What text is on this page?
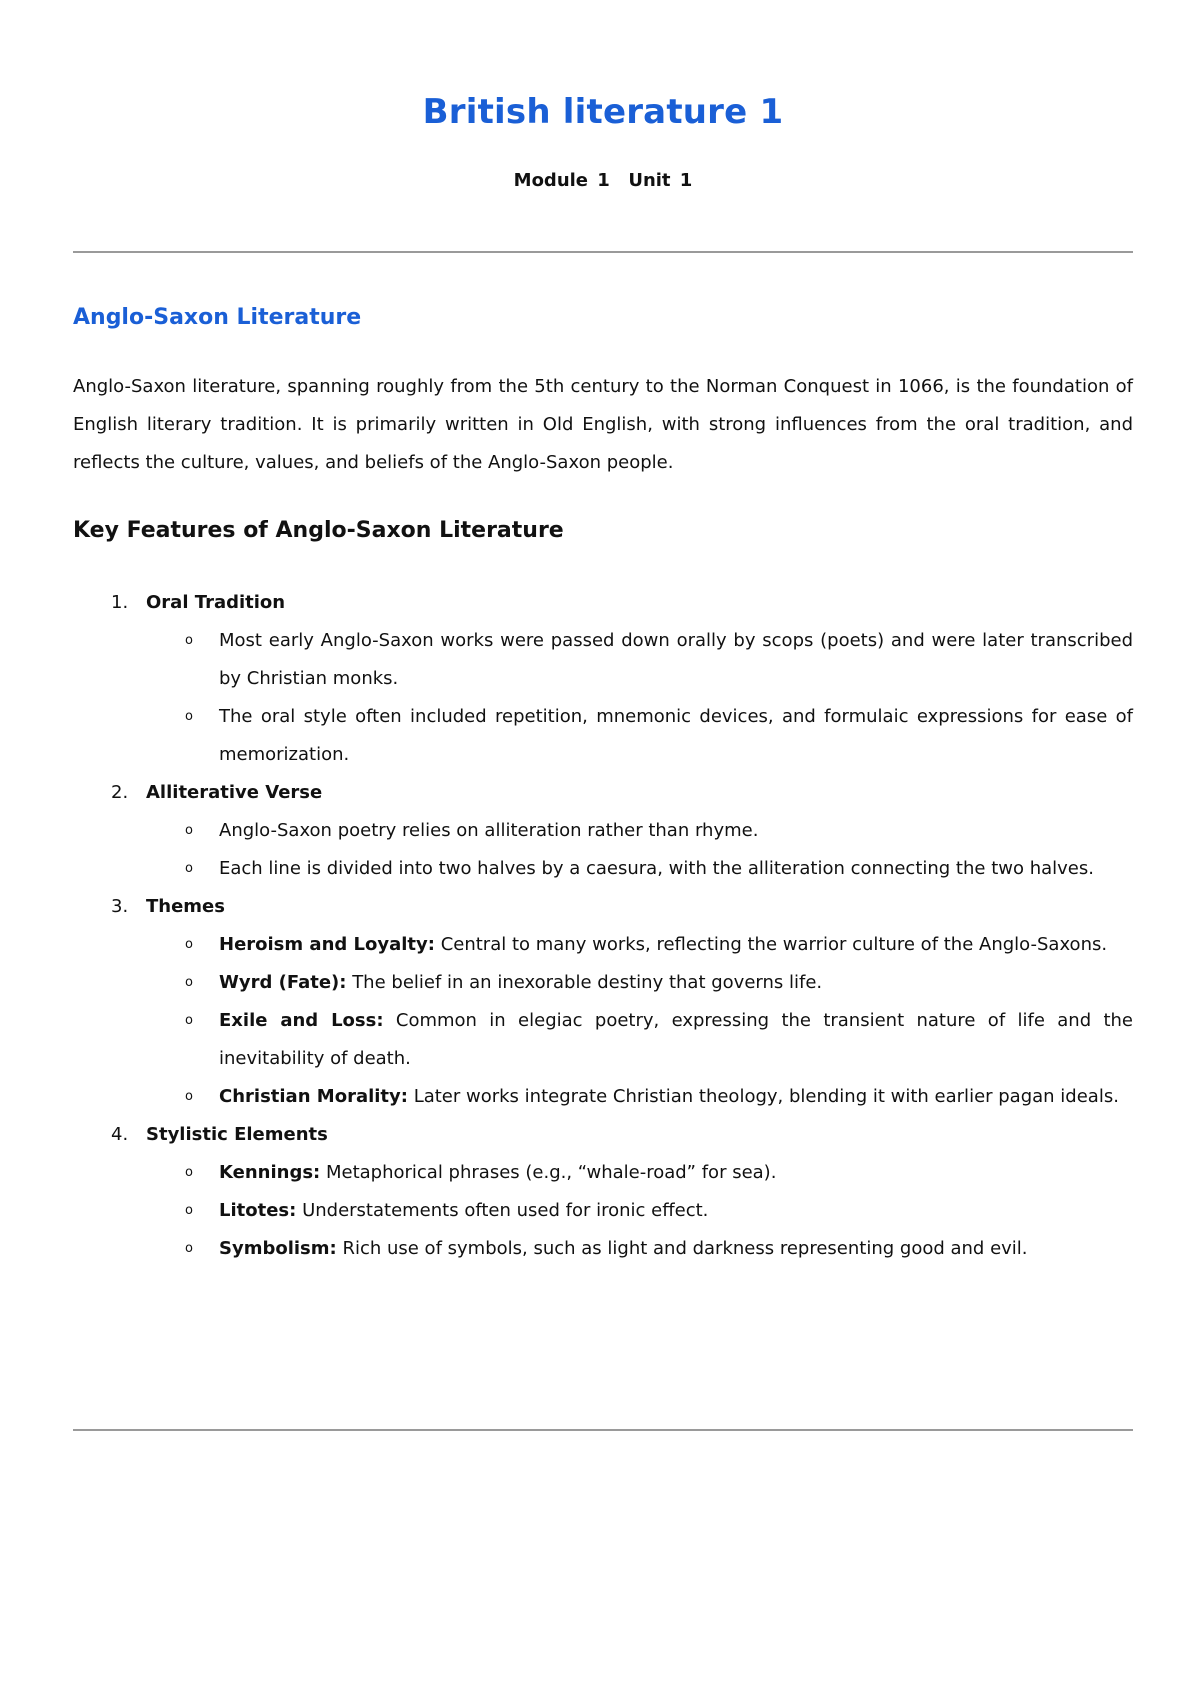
British literature 1
Module 1  Unit 1
Anglo-Saxon Literature

Anglo-Saxon literature, spanning roughly from the 5th century to the Norman Conquest in 1066, is the foundation of English literary tradition. It is primarily written in Old English, with strong influences from the oral tradition, and reflects the culture, values, and beliefs of the Anglo-Saxon people.

Key Features of Anglo-Saxon Literature
1. Oral Tradition
o Most early Anglo-Saxon works were passed down orally by scops (poets) and were later transcribed by Christian monks.
o The oral style often included repetition, mnemonic devices, and formulaic expressions for ease of memorization.
2. Alliterative Verse
o Anglo-Saxon poetry relies on alliteration rather than rhyme.
o Each line is divided into two halves by a caesura, with the alliteration connecting the two halves.
3. Themes
o Heroism and Loyalty: Central to many works, reflecting the warrior culture of the Anglo-Saxons.
o Wyrd (Fate): The belief in an inexorable destiny that governs life.
o Exile and Loss: Common in elegiac poetry, expressing the transient nature of life and the inevitability of death.
o Christian Morality: Later works integrate Christian theology, blending it with earlier pagan ideals.
4. Stylistic Elements
o Kennings: Metaphorical phrases (e.g., “whale-road” for sea).
o Litotes: Understatements often used for ironic effect.
o Symbolism: Rich use of symbols, such as light and darkness representing good and evil.
